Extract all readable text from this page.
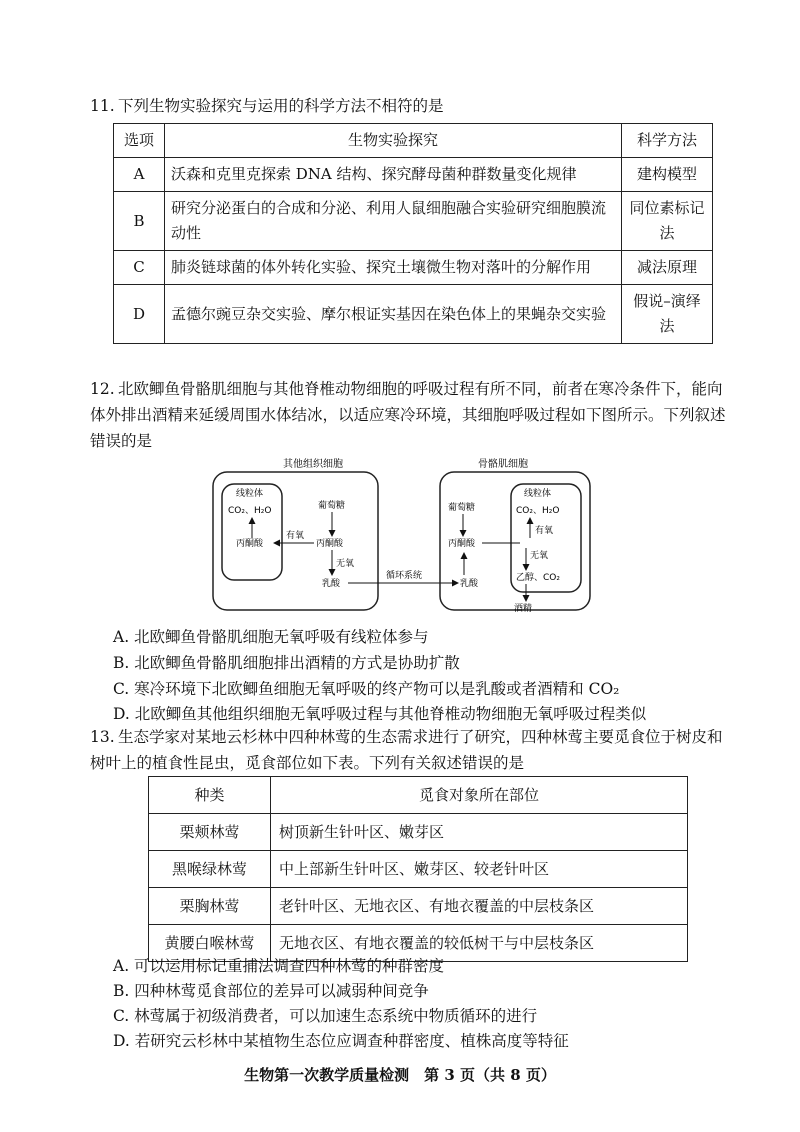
11. 下列生物实验探究与运用的科学方法不相符的是
选项	生物实验探究	科学方法
A	沃森和克里克探索 DNA 结构、探究酵母菌种群数量变化规律	建构模型
B	研究分泌蛋白的合成和分泌、利用人鼠细胞融合实验研究细胞膜流动性	同位素标记法
C	肺炎链球菌的体外转化实验、探究土壤微生物对落叶的分解作用	减法原理
D	孟德尔豌豆杂交实验、摩尔根证实基因在染色体上的果蝇杂交实验	假说–演绎法
12. 北欧鲫鱼骨骼肌细胞与其他脊椎动物细胞的呼吸过程有所不同，前者在寒冷条件下，能向体外排出酒精来延缓周围水体结冰，以适应寒冷环境，其细胞呼吸过程如下图所示。下列叙述错误的是
其他组织细胞
线粒体
CO₂、H₂O
丙酮酸
葡萄糖
丙酮酸
有氧
无氧
乳酸
循环系统
骨骼肌细胞
线粒体
葡萄糖
丙酮酸
乳酸
CO₂、H₂O
有氧
无氧
乙醇、CO₂
酒精
A. 北欧鲫鱼骨骼肌细胞无氧呼吸有线粒体参与
B. 北欧鲫鱼骨骼肌细胞排出酒精的方式是协助扩散
C. 寒冷环境下北欧鲫鱼细胞无氧呼吸的终产物可以是乳酸或者酒精和 CO₂
D. 北欧鲫鱼其他组织细胞无氧呼吸过程与其他脊椎动物细胞无氧呼吸过程类似
13. 生态学家对某地云杉林中四种林莺的生态需求进行了研究，四种林莺主要觅食位于树皮和树叶上的植食性昆虫，觅食部位如下表。下列有关叙述错误的是
种类	觅食对象所在部位
栗颊林莺	树顶新生针叶区、嫩芽区
黑喉绿林莺	中上部新生针叶区、嫩芽区、较老针叶区
栗胸林莺	老针叶区、无地衣区、有地衣覆盖的中层枝条区
黄腰白喉林莺	无地衣区、有地衣覆盖的较低树干与中层枝条区
A. 可以运用标记重捕法调查四种林莺的种群密度
B. 四种林莺觅食部位的差异可以减弱种间竞争
C. 林莺属于初级消费者，可以加速生态系统中物质循环的进行
D. 若研究云杉林中某植物生态位应调查种群密度、植株高度等特征
生物第一次教学质量检测　第 3 页（共 8 页）
